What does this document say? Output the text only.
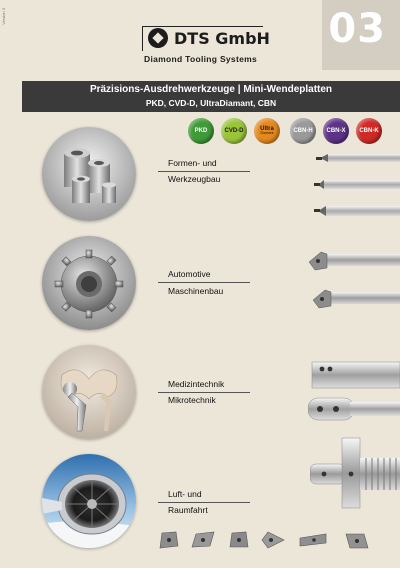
Version 3	03
DTS GmbH
Diamond Tooling Systems
Präzisions-Ausdrehwerkzeuge | Mini-Wendeplatten
PKD, CVD-D, UltraDiamant, CBN
PKD	CVD-D	Ultra
Diamant	CBN-H CBN-X CBN-K
Formen- und
Werkzeugbau
Automotive
Maschinenbau
Medizintechnik
Mikrotechnik
Luft- und
Raumfahrt
